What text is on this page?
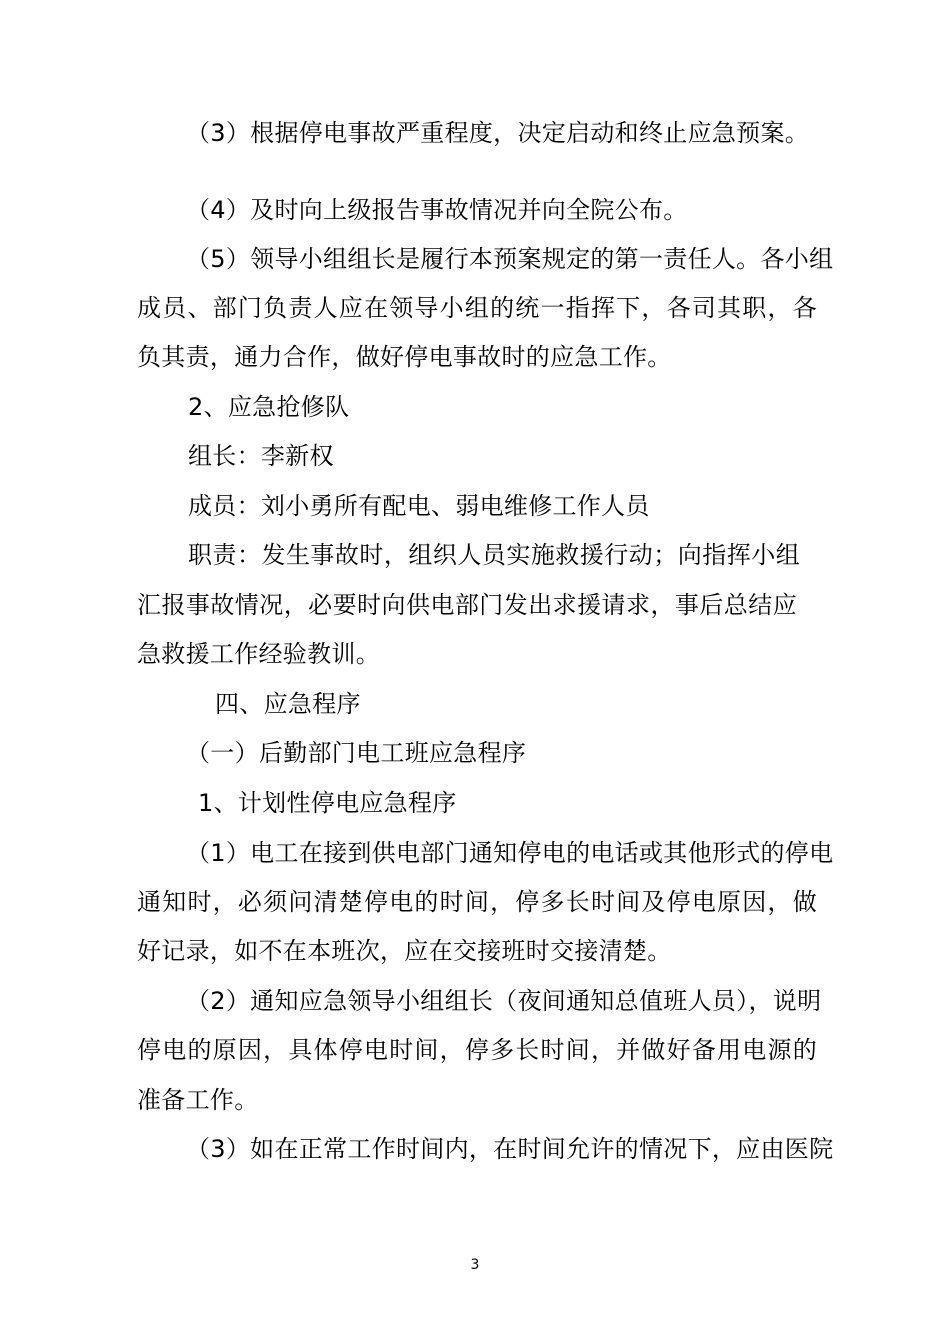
（3）根据停电事故严重程度，决定启动和终止应急预案。

（4）及时向上级报告事故情况并向全院公布。

（5）领导小组组长是履行本预案规定的第一责任人。各小组

成员、部门负责人应在领导小组的统一指挥下，各司其职，各

负其责，通力合作，做好停电事故时的应急工作。

2、应急抢修队

组长：李新权

成员：刘小勇所有配电、弱电维修工作人员

职责：发生事故时，组织人员实施救援行动；向指挥小组

汇报事故情况，必要时向供电部门发出求援请求，事后总结应

急救援工作经验教训。

四、应急程序

（一）后勤部门电工班应急程序

1、计划性停电应急程序

（1）电工在接到供电部门通知停电的电话或其他形式的停电

通知时，必须问清楚停电的时间，停多长时间及停电原因，做

好记录，如不在本班次，应在交接班时交接清楚。

（2）通知应急领导小组组长（夜间通知总值班人员），说明

停电的原因，具体停电时间，停多长时间，并做好备用电源的

准备工作。

（3）如在正常工作时间内，在时间允许的情况下，应由医院

3
